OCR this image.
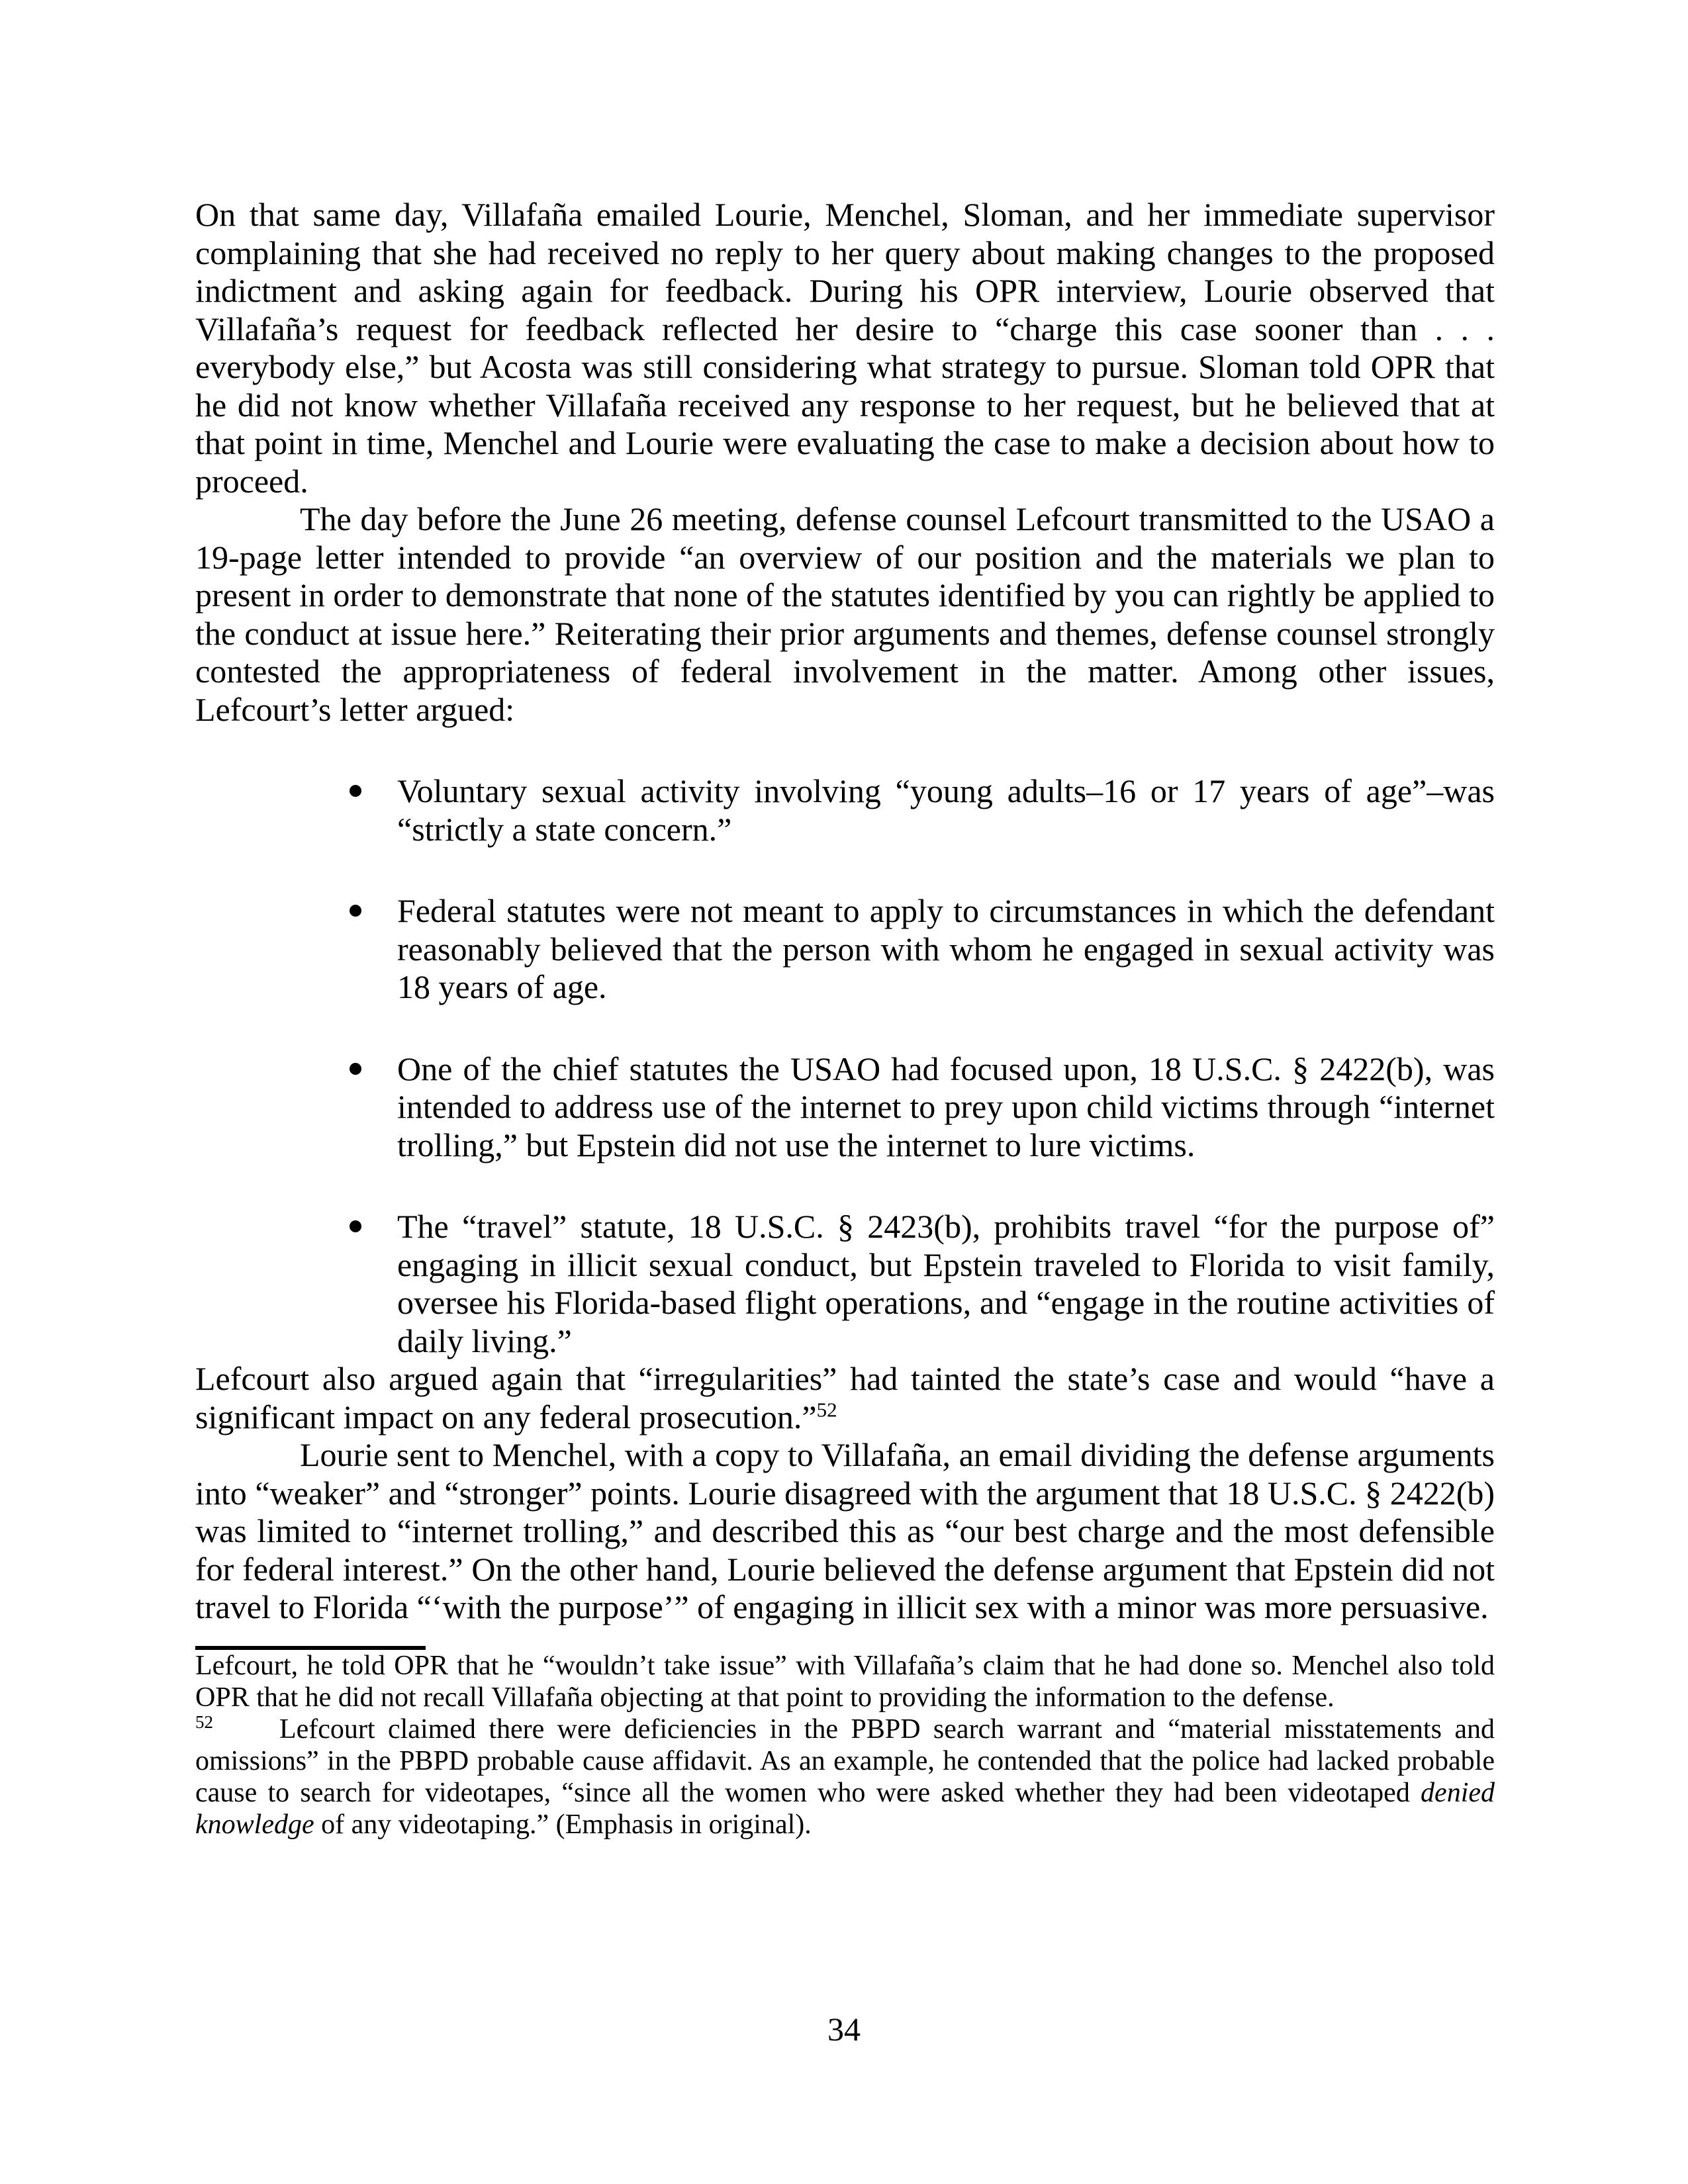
On that same day, Villafaña emailed Lourie, Menchel, Sloman, and her immediate supervisor complaining that she had received no reply to her query about making changes to the proposed indictment and asking again for feedback. During his OPR interview, Lourie observed that Villafaña’s request for feedback reflected her desire to “charge this case sooner than . . . everybody else,” but Acosta was still considering what strategy to pursue. Sloman told OPR that he did not know whether Villafaña received any response to her request, but he believed that at that point in time, Menchel and Lourie were evaluating the case to make a decision about how to proceed.

The day before the June 26 meeting, defense counsel Lefcourt transmitted to the USAO a 19-page letter intended to provide “an overview of our position and the materials we plan to present in order to demonstrate that none of the statutes identified by you can rightly be applied to the conduct at issue here.” Reiterating their prior arguments and themes, defense counsel strongly contested the appropriateness of federal involvement in the matter. Among other issues, Lefcourt’s letter argued:

Voluntary sexual activity involving “young adults–16 or 17 years of age”–was “strictly a state concern.”
Federal statutes were not meant to apply to circumstances in which the defendant reasonably believed that the person with whom he engaged in sexual activity was 18 years of age.
One of the chief statutes the USAO had focused upon, 18 U.S.C. § 2422(b), was intended to address use of the internet to prey upon child victims through “internet trolling,” but Epstein did not use the internet to lure victims.
The “travel” statute, 18 U.S.C. § 2423(b), prohibits travel “for the purpose of” engaging in illicit sexual conduct, but Epstein traveled to Florida to visit family, oversee his Florida-based flight operations, and “engage in the routine activities of daily living.”

Lefcourt also argued again that “irregularities” had tainted the state’s case and would “have a significant impact on any federal prosecution.”$^{52}$

Lourie sent to Menchel, with a copy to Villafaña, an email dividing the defense arguments into “weaker” and “stronger” points. Lourie disagreed with the argument that 18 U.S.C. § 2422(b) was limited to “internet trolling,” and described this as “our best charge and the most defensible for federal interest.” On the other hand, Lourie believed the defense argument that Epstein did not travel to Florida “‘with the purpose’” of engaging in illicit sex with a minor was more persuasive.

Lefcourt, he told OPR that he “wouldn’t take issue” with Villafaña’s claim that he had done so. Menchel also told OPR that he did not recall Villafaña objecting at that point to providing the information to the defense.

$^{52}$ Lefcourt claimed there were deficiencies in the PBPD search warrant and “material misstatements and omissions” in the PBPD probable cause affidavit. As an example, he contended that the police had lacked probable cause to search for videotapes, “since all the women who were asked whether they had been videotaped denied knowledge of any videotaping.” (Emphasis in original).

34
